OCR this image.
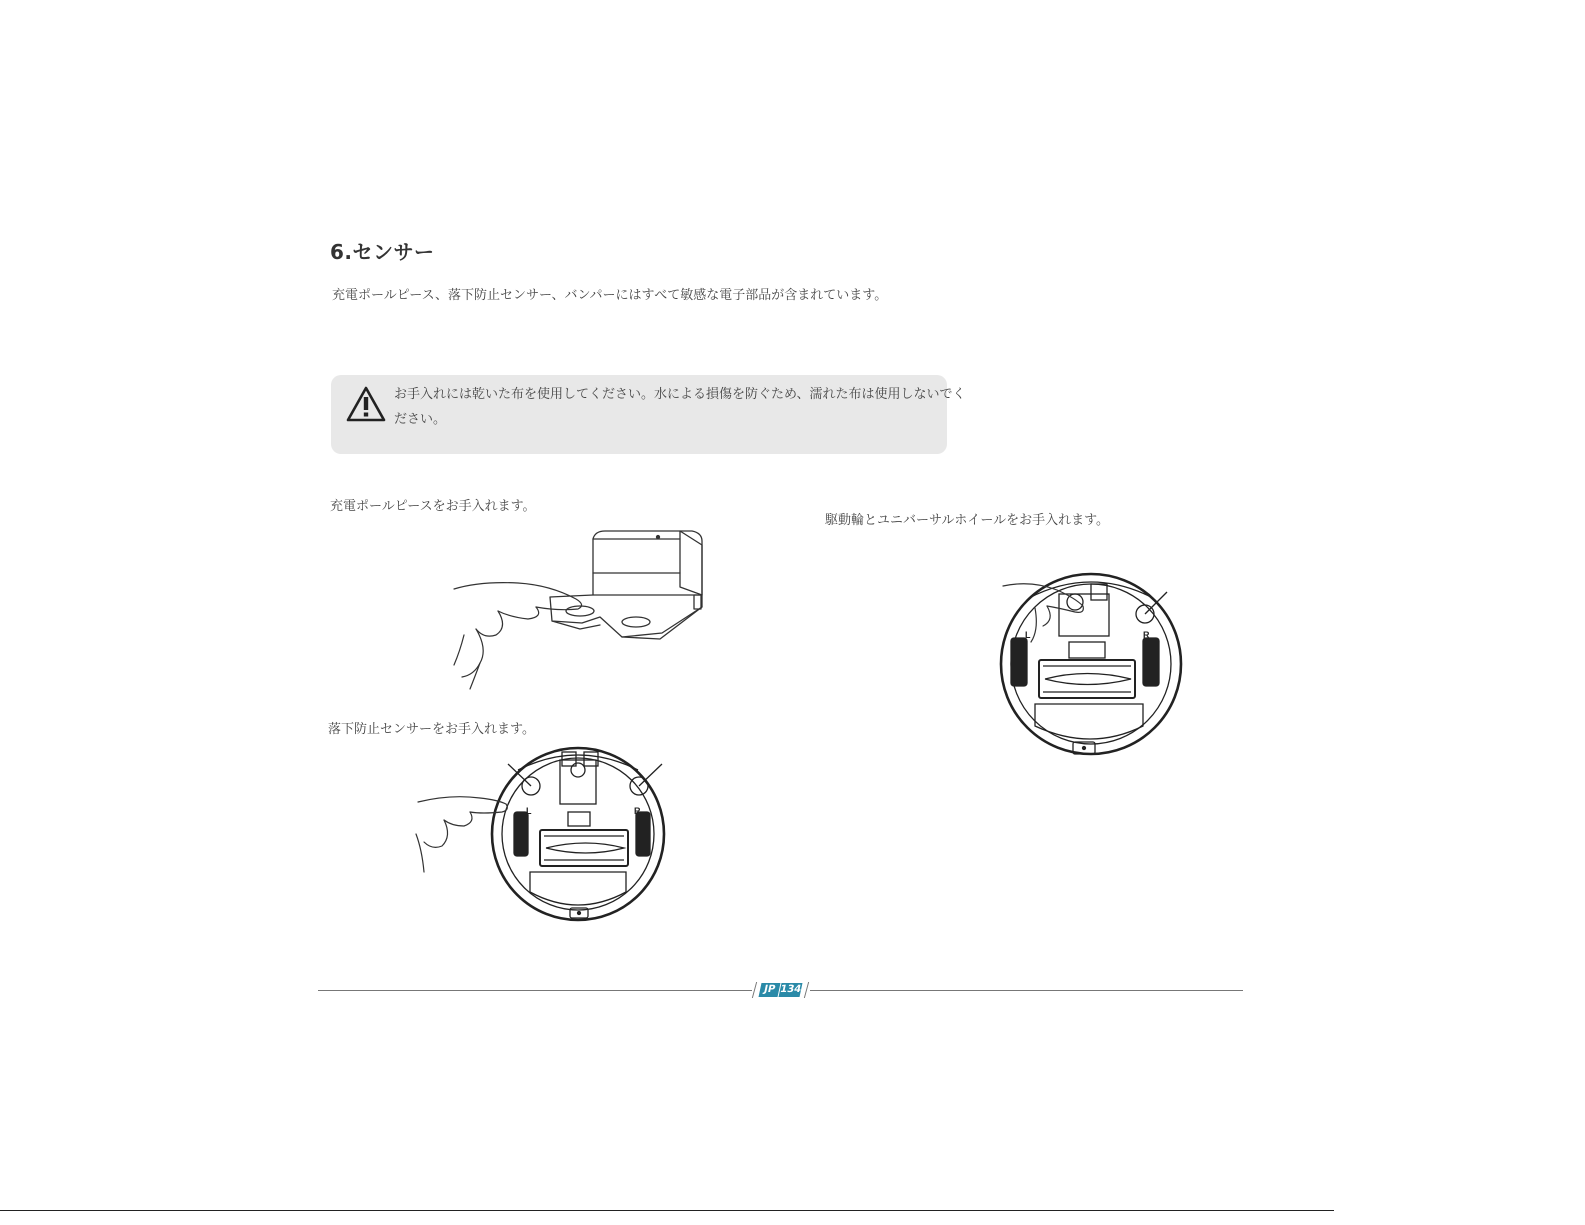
6.センサー
充電ポールピース、落下防止センサー、バンパーにはすべて敏感な電子部品が含まれています。
お手入れには乾いた布を使用してください。水による損傷を防ぐため、濡れた布は使用しないでください。
充電ポールピースをお手入れます。
駆動輪とユニバーサルホイールをお手入れます。
落下防止センサーをお手入れます。
L	R
L	R
JP 134
